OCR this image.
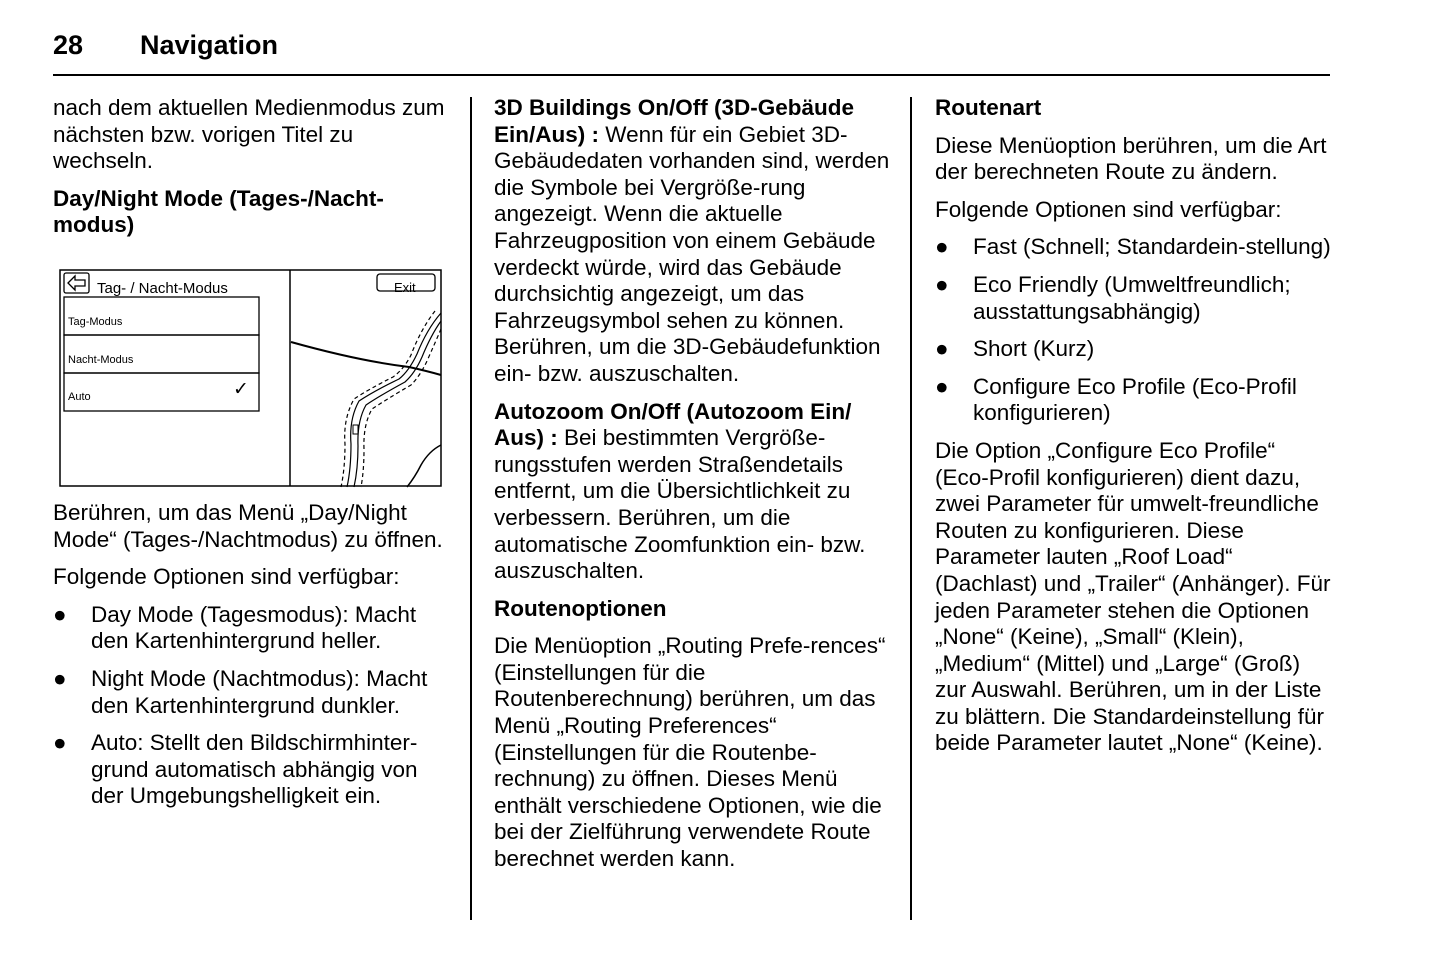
28 Navigation

nach dem aktuellen Medienmodus zum nächsten bzw. vorigen Titel zu wechseln.

Day/Night Mode (Tages-/Nacht-modus)

Tag- / Nacht-Modus	Exit
Tag-Modus
Nacht-Modus
Auto	✓

Berühren, um das Menü „Day/Night Mode“ (Tages-/Nachtmodus) zu öffnen.

Folgende Optionen sind verfügbar:

● Day Mode (Tagesmodus): Macht den Kartenhintergrund heller.
● Night Mode (Nachtmodus): Macht den Kartenhintergrund dunkler.
● Auto: Stellt den Bildschirmhinter-grund automatisch abhängig von der Umgebungshelligkeit ein.

3D Buildings On/Off (3D-Gebäude Ein/Aus) : Wenn für ein Gebiet 3D-Gebäudedaten vorhanden sind, werden die Symbole bei Vergröße-rung angezeigt. Wenn die aktuelle Fahrzeugposition von einem Gebäude verdeckt würde, wird das Gebäude durchsichtig angezeigt, um das Fahrzeugsymbol sehen zu können. Berühren, um die 3D-Gebäudefunktion ein- bzw. auszuschalten.

Autozoom On/Off (Autozoom Ein/ Aus) : Bei bestimmten Vergröße-rungsstufen werden Straßendetails entfernt, um die Übersichtlichkeit zu verbessern. Berühren, um die automatische Zoomfunktion ein- bzw. auszuschalten.

Routenoptionen

Die Menüoption „Routing Prefe-rences“ (Einstellungen für die Routenberechnung) berühren, um das Menü „Routing Preferences“ (Einstellungen für die Routenbe-rechnung) zu öffnen. Dieses Menü enthält verschiedene Optionen, wie die bei der Zielführung verwendete Route berechnet werden kann.

Routenart

Diese Menüoption berühren, um die Art der berechneten Route zu ändern.

Folgende Optionen sind verfügbar:

● Fast (Schnell; Standardein-stellung)
● Eco Friendly (Umweltfreundlich; ausstattungsabhängig)
● Short (Kurz)
● Configure Eco Profile (Eco-Profil konfigurieren)

Die Option „Configure Eco Profile“ (Eco-Profil konfigurieren) dient dazu, zwei Parameter für umwelt-freundliche Routen zu konfigurieren. Diese Parameter lauten „Roof Load“ (Dachlast) und „Trailer“ (Anhänger). Für jeden Parameter stehen die Optionen „None“ (Keine), „Small“ (Klein), „Medium“ (Mittel) und „Large“ (Groß) zur Auswahl. Berühren, um in der Liste zu blättern. Die Standardeinstellung für beide Parameter lautet „None“ (Keine).
